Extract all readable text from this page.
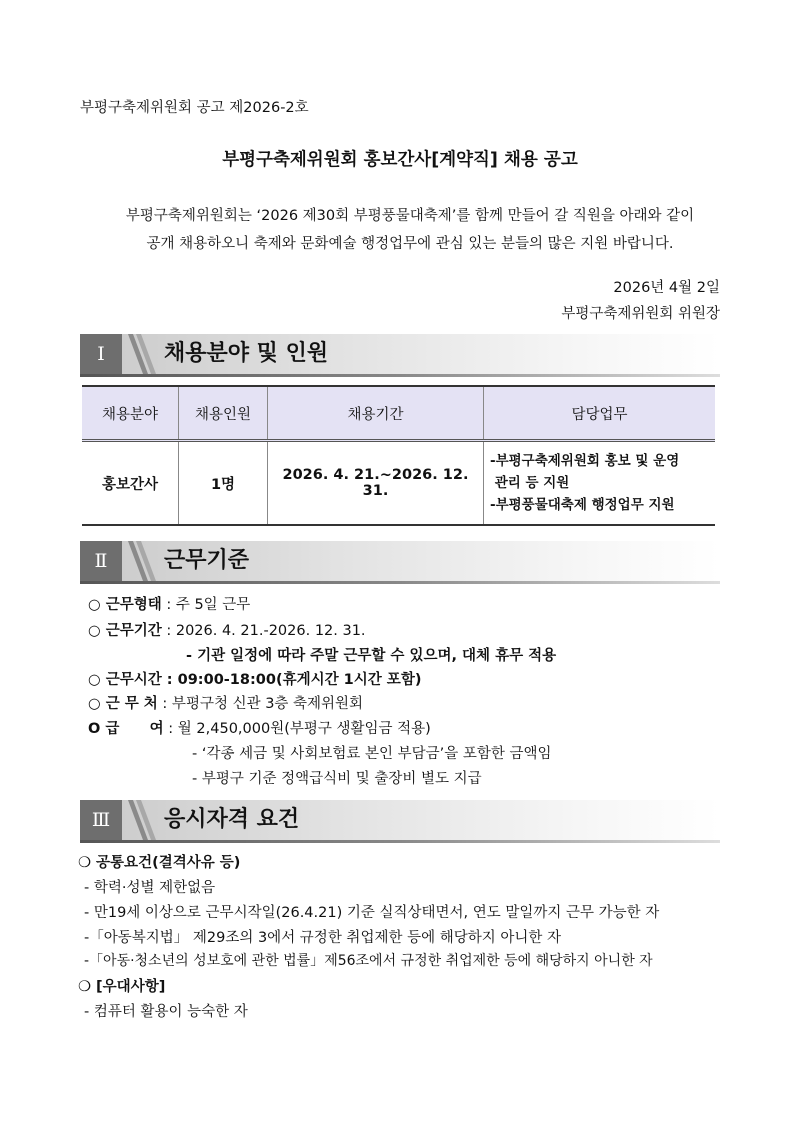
부평구축제위원회 공고 제2026-2호
부평구축제위원회 홍보간사[계약직] 채용 공고
부평구축제위원회는 ‘2026 제30회 부평풍물대축제’를 함께 만들어 갈 직원을 아래와 같이
공개 채용하오니 축제와 문화예술 행정업무에 관심 있는 분들의 많은 지원 바랍니다.
2026년 4월 2일
부평구축제위원회 위원장
Ⅰ	채용분야 및 인원
채용분야	채용인원	채용기간	담당업무
홍보간사	1명	2026. 4. 21.~2026. 12. 31.	-부평구축제위원회 홍보 및 운영
관리 등 지원
-부평풍물대축제 행정업무 지원
Ⅱ	근무기준
○ 근무형태 : 주 5일 근무
○ 근무기간 : 2026. 4. 21.-2026. 12. 31.
- 기관 일정에 따라 주말 근무할 수 있으며, 대체 휴무 적용
○ 근무시간 : 09:00-18:00(휴게시간 1시간 포함)
○ 근 무 처 : 부평구청 신관 3층 축제위원회
O 급      여 : 월 2,450,000원(부평구 생활임금 적용)
- ‘각종 세금 및 사회보험료 본인 부담금’을 포함한 금액임
- 부평구 기준 정액급식비 및 출장비 별도 지급
Ⅲ	응시자격 요건
❍ 공통요건(결격사유 등)
- 학력·성별 제한없음
- 만19세 이상으로 근무시작일(26.4.21) 기준 실직상태면서, 연도 말일까지 근무 가능한 자
-「아동복지법」 제29조의 3에서 규정한 취업제한 등에 해당하지 아니한 자
-「아동·청소년의 성보호에 관한 법률」제56조에서 규정한 취업제한 등에 해당하지 아니한 자
❍ [우대사항]
- 컴퓨터 활용이 능숙한 자
